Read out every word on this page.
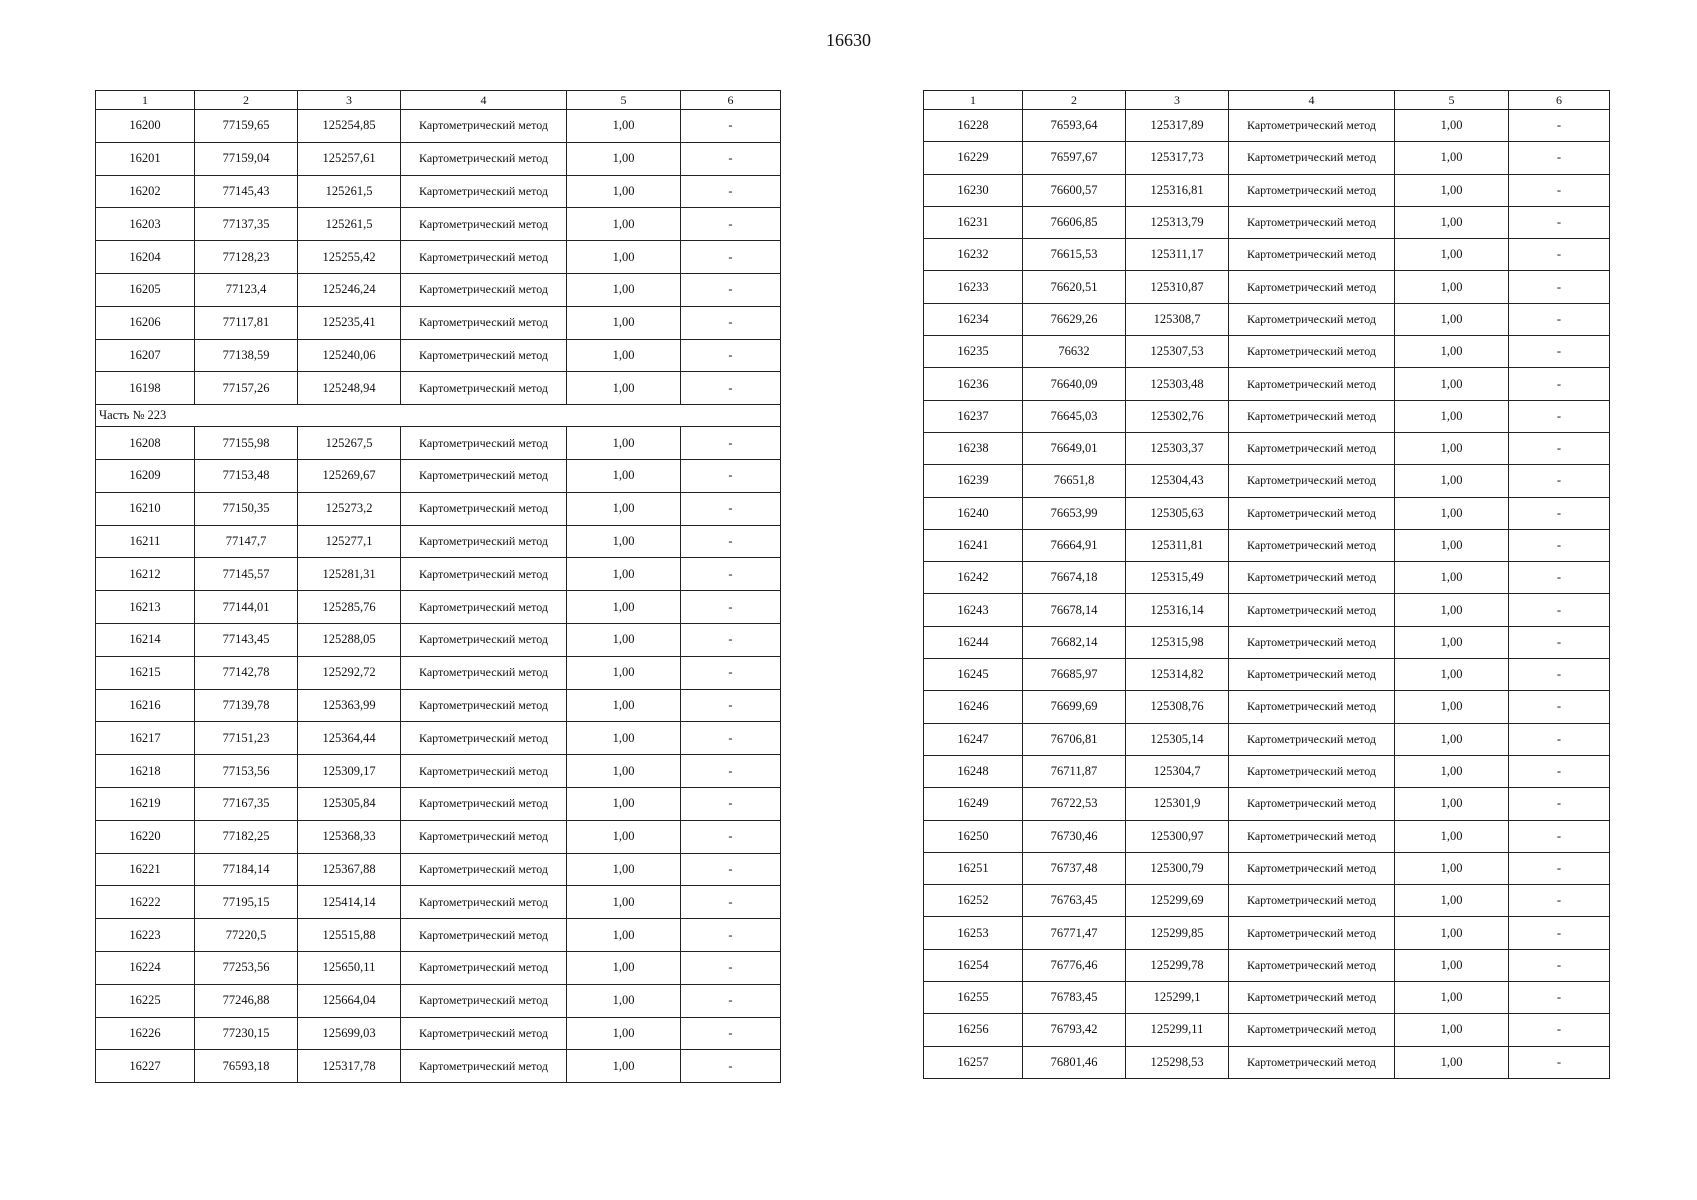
16630
1	2	3	4	5	6
16200	77159,65	125254,85	Картометрический метод	1,00	-
16201	77159,04	125257,61	Картометрический метод	1,00	-
16202	77145,43	125261,5	Картометрический метод	1,00	-
16203	77137,35	125261,5	Картометрический метод	1,00	-
16204	77128,23	125255,42	Картометрический метод	1,00	-
16205	77123,4	125246,24	Картометрический метод	1,00	-
16206	77117,81	125235,41	Картометрический метод	1,00	-
16207	77138,59	125240,06	Картометрический метод	1,00	-
16198	77157,26	125248,94	Картометрический метод	1,00	-
Часть № 223					
16208	77155,98	125267,5	Картометрический метод	1,00	-
16209	77153,48	125269,67	Картометрический метод	1,00	-
16210	77150,35	125273,2	Картометрический метод	1,00	-
16211	77147,7	125277,1	Картометрический метод	1,00	-
16212	77145,57	125281,31	Картометрический метод	1,00	-
16213	77144,01	125285,76	Картометрический метод	1,00	-
16214	77143,45	125288,05	Картометрический метод	1,00	-
16215	77142,78	125292,72	Картометрический метод	1,00	-
16216	77139,78	125363,99	Картометрический метод	1,00	-
16217	77151,23	125364,44	Картометрический метод	1,00	-
16218	77153,56	125309,17	Картометрический метод	1,00	-
16219	77167,35	125305,84	Картометрический метод	1,00	-
16220	77182,25	125368,33	Картометрический метод	1,00	-
16221	77184,14	125367,88	Картометрический метод	1,00	-
16222	77195,15	125414,14	Картометрический метод	1,00	-
16223	77220,5	125515,88	Картометрический метод	1,00	-
16224	77253,56	125650,11	Картометрический метод	1,00	-
16225	77246,88	125664,04	Картометрический метод	1,00	-
16226	77230,15	125699,03	Картометрический метод	1,00	-
16227	76593,18	125317,78	Картометрический метод	1,00	-
1	2	3	4	5	6
16228	76593,64	125317,89	Картометрический метод	1,00	-
16229	76597,67	125317,73	Картометрический метод	1,00	-
16230	76600,57	125316,81	Картометрический метод	1,00	-
16231	76606,85	125313,79	Картометрический метод	1,00	-
16232	76615,53	125311,17	Картометрический метод	1,00	-
16233	76620,51	125310,87	Картометрический метод	1,00	-
16234	76629,26	125308,7	Картометрический метод	1,00	-
16235	76632	125307,53	Картометрический метод	1,00	-
16236	76640,09	125303,48	Картометрический метод	1,00	-
16237	76645,03	125302,76	Картометрический метод	1,00	-
16238	76649,01	125303,37	Картометрический метод	1,00	-
16239	76651,8	125304,43	Картометрический метод	1,00	-
16240	76653,99	125305,63	Картометрический метод	1,00	-
16241	76664,91	125311,81	Картометрический метод	1,00	-
16242	76674,18	125315,49	Картометрический метод	1,00	-
16243	76678,14	125316,14	Картометрический метод	1,00	-
16244	76682,14	125315,98	Картометрический метод	1,00	-
16245	76685,97	125314,82	Картометрический метод	1,00	-
16246	76699,69	125308,76	Картометрический метод	1,00	-
16247	76706,81	125305,14	Картометрический метод	1,00	-
16248	76711,87	125304,7	Картометрический метод	1,00	-
16249	76722,53	125301,9	Картометрический метод	1,00	-
16250	76730,46	125300,97	Картометрический метод	1,00	-
16251	76737,48	125300,79	Картометрический метод	1,00	-
16252	76763,45	125299,69	Картометрический метод	1,00	-
16253	76771,47	125299,85	Картометрический метод	1,00	-
16254	76776,46	125299,78	Картометрический метод	1,00	-
16255	76783,45	125299,1	Картометрический метод	1,00	-
16256	76793,42	125299,11	Картометрический метод	1,00	-
16257	76801,46	125298,53	Картометрический метод	1,00	-
